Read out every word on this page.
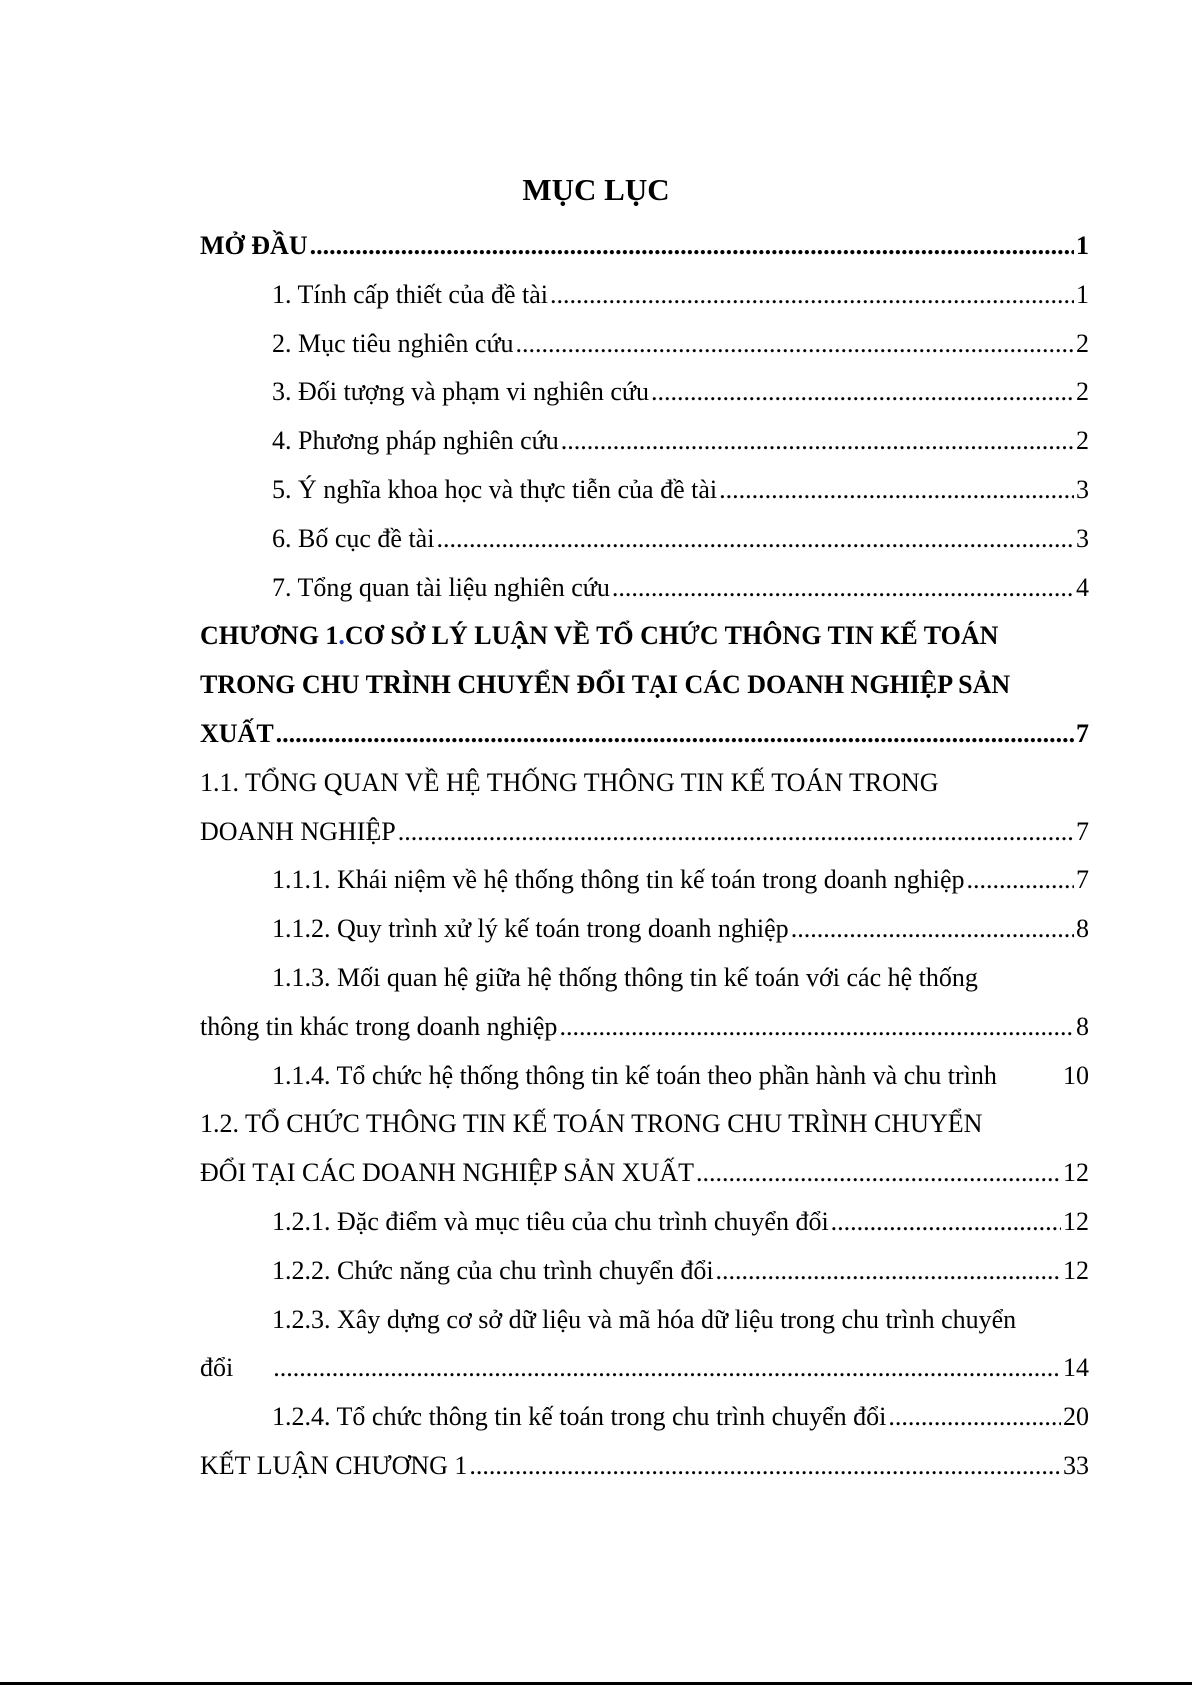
MỤC LỤC
MỞ ĐẦU .....	1
1. Tính cấp thiết của đề tài .....	1
2. Mục tiêu nghiên cứu .....	2
3. Đối tượng và phạm vi nghiên cứu .....	2
4. Phương pháp nghiên cứu .....	2
5. Ý nghĩa khoa học và thực tiễn của đề tài .....	3
6. Bố cục đề tài .....	3
7. Tổng quan tài liệu nghiên cứu .....	4
CHƯƠNG 1 . CƠ SỞ LÝ LUẬN VỀ TỔ CHỨC THÔNG TIN KẾ TOÁN
TRONG CHU TRÌNH CHUYỂN ĐỔI TẠI CÁC DOANH NGHIỆP SẢN
XUẤT .....	7
1.1. TỔNG QUAN VỀ HỆ THỐNG THÔNG TIN KẾ TOÁN TRONG
DOANH NGHIỆP .....	7
1.1.1. Khái niệm về hệ thống thông tin kế toán trong doanh nghiệp .....	7
1.1.2. Quy trình xử lý kế toán trong doanh nghiệp .....	8
1.1.3. Mối quan hệ giữa hệ thống thông tin kế toán với các hệ thống
thông tin khác trong doanh nghiệp .....	8
1.1.4. Tổ chức hệ thống thông tin kế toán theo phần hành và chu trình	10
1.2. TỔ CHỨC THÔNG TIN KẾ TOÁN TRONG CHU TRÌNH CHUYỂN
ĐỔI TẠI CÁC DOANH NGHIỆP SẢN XUẤT .....	12
1.2.1. Đặc điểm và mục tiêu của chu trình chuyển đổi .....	12
1.2.2. Chức năng của chu trình chuyển đổi .....	12
1.2.3. Xây dựng cơ sở dữ liệu và mã hóa dữ liệu trong chu trình chuyển
đổi .....	14
1.2.4. Tổ chức thông tin kế toán trong chu trình chuyển đổi .....	20
KẾT LUẬN CHƯƠNG 1 .....	33
